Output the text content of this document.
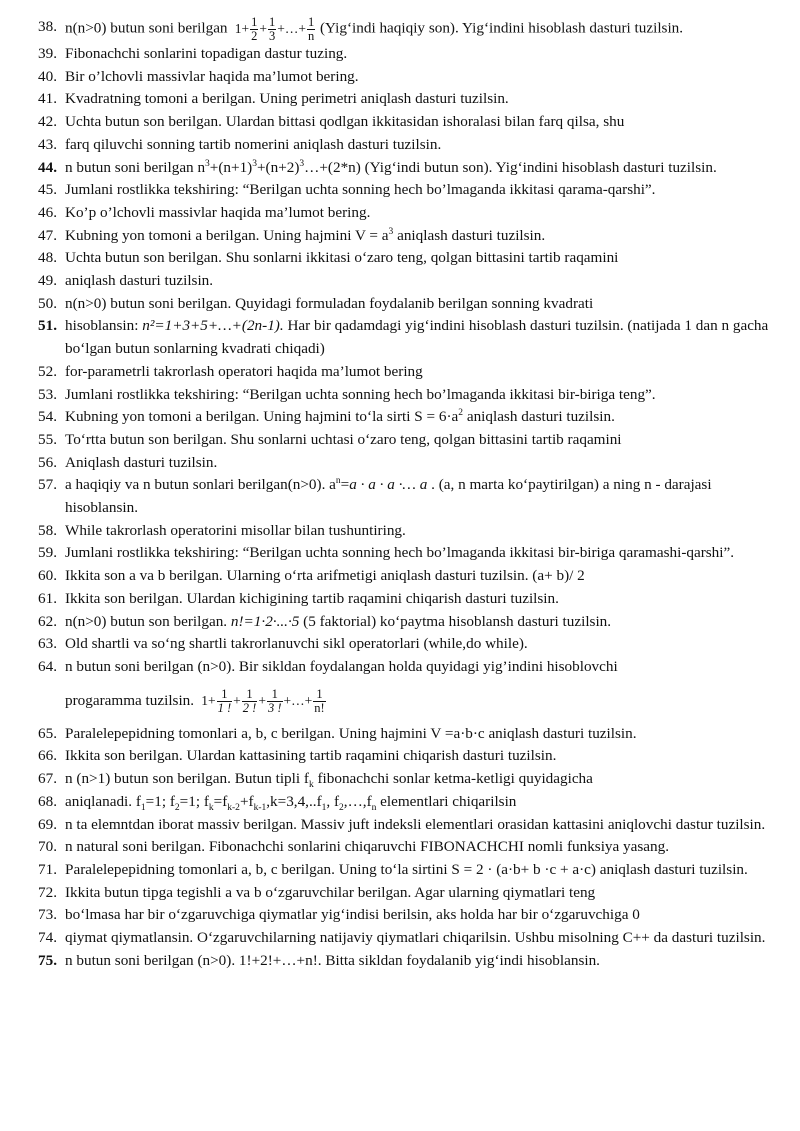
38. n(n>0) butun soni berilgan  $1+ \frac{1}{2} + \frac{1}{3}$ +…+ $\frac{1}{n}$ (Yig‘indi haqiqiy son). Yig‘indini hisoblash dasturi tuzilsin.
39. Fibonachchi sonlarini topadigan dastur tuzing.
40. Bir o’lchovli massivlar haqida ma’lumot bering.
41. Kvadratning tomoni a berilgan. Uning perimetri aniqlash dasturi tuzilsin.
42. Uchta butun son berilgan. Ulardan bittasi qodlgan ikkitasidan ishoralasi bilan farq qilsa, shu
43. farq qiluvchi sonning tartib nomerini aniqlash dasturi tuzilsin.
44. n butun soni berilgan $n^3+(n+1)^3+(n+2)^3\dots+(2*n)$ (Yig‘indi butun son). Yig‘indini hisoblash dasturi tuzilsin.
45. Jumlani rostlikka tekshiring: “Berilgan uchta sonning hech bo’lmaganda ikkitasi qarama-qarshi”.
46. Ko’p o’lchovli massivlar haqida ma’lumot bering.
47. Kubning yon tomoni a berilgan. Uning hajmini $V = a^3$ aniqlash dasturi tuzilsin.
48. Uchta butun son berilgan. Shu sonlarni ikkitasi o‘zaro teng, qolgan bittasini tartib raqamini
49. aniqlash dasturi tuzilsin.
50. n(n>0) butun soni berilgan. Quyidagi formuladan foydalanib berilgan sonning kvadrati
51. hisoblansin: n²=1+3+5+…+(2n-1). Har bir qadamdagi yig‘indini hisoblash dasturi tuzilsin. (natijada 1 dan n gacha bo‘lgan butun sonlarning kvadrati chiqadi)
52. for-parametrli takrorlash operatori haqida ma’lumot bering
53. Jumlani rostlikka tekshiring: “Berilgan uchta sonning hech bo’lmaganda ikkitasi bir-biriga teng”.
54. Kubning yon tomoni a berilgan. Uning hajmini to‘la sirti $S = 6\cdot a^2$ aniqlash dasturi tuzilsin.
55. To‘rtta butun son berilgan. Shu sonlarni uchtasi o‘zaro teng, qolgan bittasini tartib raqamini
56. Aniqlash dasturi tuzilsin.
57. a haqiqiy va n butun sonlari berilgan(n>0). $a^n=a \cdot a \cdot a$ ·… a . (a, n marta ko‘paytirilgan) a ning n - darajasi hisoblansin.
58. While takrorlash operatorini misollar bilan tushuntiring.
59. Jumlani rostlikka tekshiring: “Berilgan uchta sonning hech bo’lmaganda ikkitasi bir-biriga qaramashi-qarshi”.
60. Ikkita son a va b berilgan. Ularning o‘rta arifmetigi aniqlash dasturi tuzilsin. (a+ b)/ 2
61. Ikkita son berilgan. Ulardan kichigining tartib raqamini chiqarish dasturi tuzilsin.
62. n(n>0) butun son berilgan. n!=1·2·...·5 (5 faktorial) ko‘paytma hisoblansh dasturi tuzilsin.
63. Old shartli va so‘ng shartli takrorlanuvchi sikl operatorlari (while,do while).
64. n butun soni berilgan (n>0). Bir sikldan foydalangan holda quyidagi yig’indini hisoblovchi
progaramma tuzilsin.  $1+ \frac{1}{1 !} + \frac{1}{2 !} + \frac{1}{3 !}$ +…+ $\frac{1}{n!}$
65. Paralelepepidning tomonlari a, b, c berilgan. Uning hajmini V =a·b·c aniqlash dasturi tuzilsin.
66. Ikkita son berilgan. Ulardan kattasining tartib raqamini chiqarish dasturi tuzilsin.
67. n (n>1) butun son berilgan. Butun tipli $f_k$ fibonachchi sonlar ketma-ketligi quyidagicha
68. aniqlanadi. $f_1=1$; $f_2=1$; $f_k=f_{k-2}+f_{k-1},k=3,4,..f_1$, $f_2,\dots,f_n$ elementlari chiqarilsin
69. n ta elemntdan iborat massiv berilgan. Massiv juft indeksli elementlari orasidan kattasini aniqlovchi dastur tuzilsin.
70. n natural soni berilgan. Fibonachchi sonlarini chiqaruvchi FIBONACHCHI nomli funksiya yasang.
71. Paralelepepidning tomonlari a, b, c berilgan. Uning to‘la sirtini S = 2 · (a·b+ b ·c + a·c) aniqlash dasturi tuzilsin.
72. Ikkita butun tipga tegishli a va b o‘zgaruvchilar berilgan. Agar ularning qiymatlari teng
73. bo‘lmasa har bir o‘zgaruvchiga qiymatlar yig‘indisi berilsin, aks holda har bir o‘zgaruvchiga 0
74. qiymat qiymatlansin. O‘zgaruvchilarning natijaviy qiymatlari chiqarilsin. Ushbu misolning C++ da dasturi tuzilsin.
75. n butun soni berilgan (n>0). 1!+2!+…+n!. Bitta sikldan foydalanib yig‘indi hisoblansin.
